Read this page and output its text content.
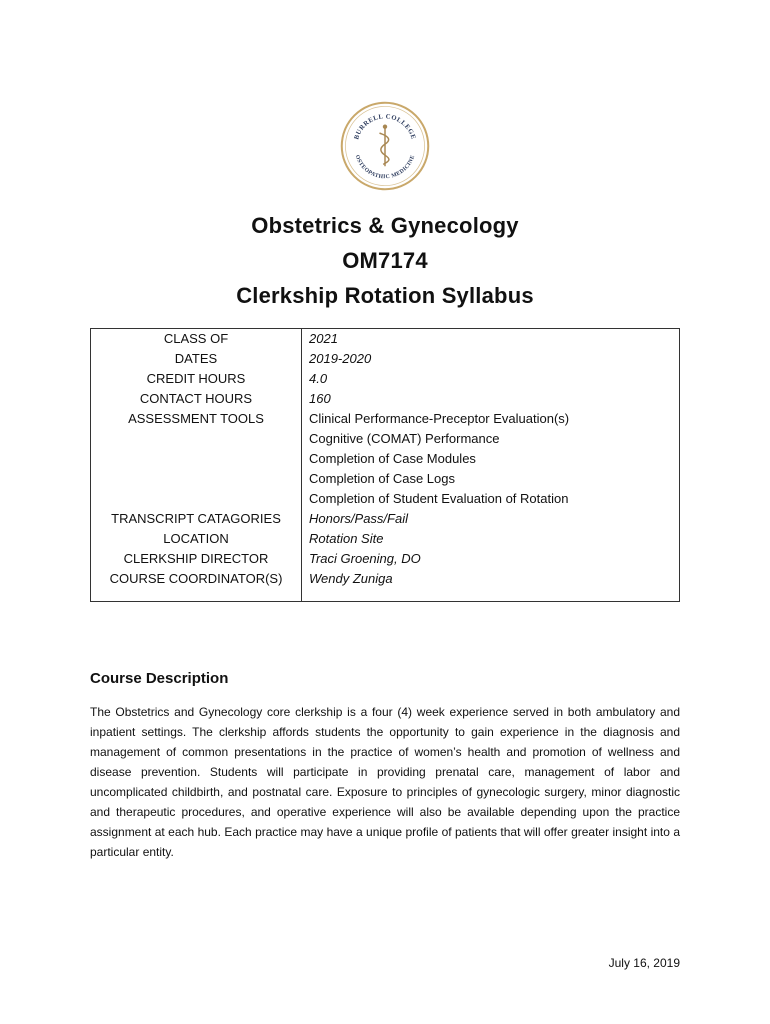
BURRELL COLLEGE
OSTEOPATHIC MEDICINE
Obstetrics & Gynecology
OM7174
Clerkship Rotation Syllabus
CLASS OF	2021
DATES	2019-2020
CREDIT HOURS	4.0
CONTACT HOURS	160
ASSESSMENT TOOLS	Clinical Performance-Preceptor Evaluation(s)
Cognitive (COMAT) Performance
Completion of Case Modules
Completion of Case Logs
Completion of Student Evaluation of Rotation

TRANSCRIPT CATAGORIES	Honors/Pass/Fail
LOCATION	Rotation Site
CLERKSHIP DIRECTOR	Traci Groening, DO
COURSE COORDINATOR(S)	Wendy Zuniga
Course Description
The Obstetrics and Gynecology core clerkship is a four (4) week experience served in both ambulatory and inpatient settings. The clerkship affords students the opportunity to gain experience in the diagnosis and management of common presentations in the practice of women’s health and promotion of wellness and disease prevention. Students will participate in providing prenatal care, management of labor and uncomplicated childbirth, and postnatal care. Exposure to principles of gynecologic surgery, minor diagnostic and therapeutic procedures, and operative experience will also be available depending upon the practice assignment at each hub. Each practice may have a unique profile of patients that will offer greater insight into a particular entity.
July 16, 2019
